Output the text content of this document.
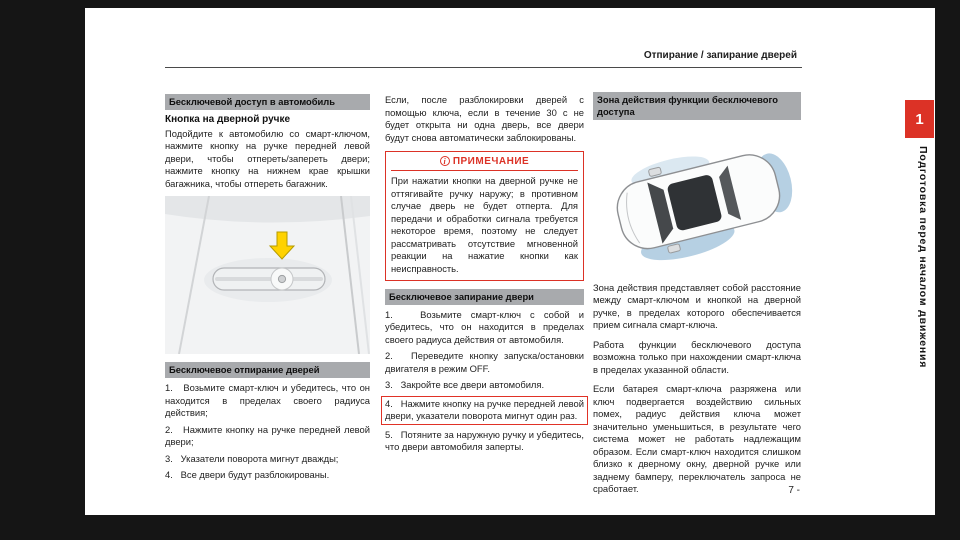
Отпирание / запирание дверей
1
Подготовка перед началом движения
Бесключевой доступ в автомобиль
Кнопка на дверной ручке

Подойдите к автомобилю со смарт-ключом, нажмите кнопку на ручке передней левой двери, чтобы отпереть/запереть двери; нажмите кнопку на нижнем крае крышки багажника, чтобы отпереть багажник.

Бесключевое отпирание дверей

1.   Возьмите смарт-ключ и убедитесь, что он находится в пределах своего радиуса действия;

2.   Нажмите кнопку на ручке передней левой двери;

3.   Указатели поворота мигнут дважды;

4.   Все двери будут разблокированы.

Если, после разблокировки дверей с помощью ключа, если в течение 30 с не будет открыта ни одна дверь, все двери будут снова автоматически заблокированы.

i ПРИМЕЧАНИЕ

При нажатии кнопки на дверной ручке не оттягивайте ручку наружу; в противном случае дверь не будет отперта. Для передачи и обработки сигнала требуется некоторое время, поэтому не следует рассматривать отсутствие мгновенной реакции на нажатие кнопки как неисправность.

Бесключевое запирание двери

1.   Возьмите смарт-ключ с собой и убедитесь, что он находится в пределах своего радиуса действия от автомобиля.

2.   Переведите кнопку запуска/остановки двигателя в режим OFF.

3.   Закройте все двери автомобиля.

4.   Нажмите кнопку на ручке передней левой двери, указатели поворота мигнут один раз.

5.   Потяните за наружную ручку и убедитесь, что двери автомобиля заперты.

Зона действия функции бесключевого доступа

Зона действия представляет собой расстояние между смарт-ключом и кнопкой на дверной ручке, в пределах которого обеспечивается прием сигнала смарт-ключа.

Работа функции бесключевого доступа возможна только при нахождении смарт-ключа в пределах указанной области.

Если батарея смарт-ключа разряжена или ключ подвергается воздействию сильных помех, радиус действия ключа может значительно уменьшиться, в результате чего система может не работать надлежащим образом. Если смарт-ключ находится слишком близко к дверному окну, дверной ручке или заднему бамперу, переключатель запроса не сработает.	7 -
